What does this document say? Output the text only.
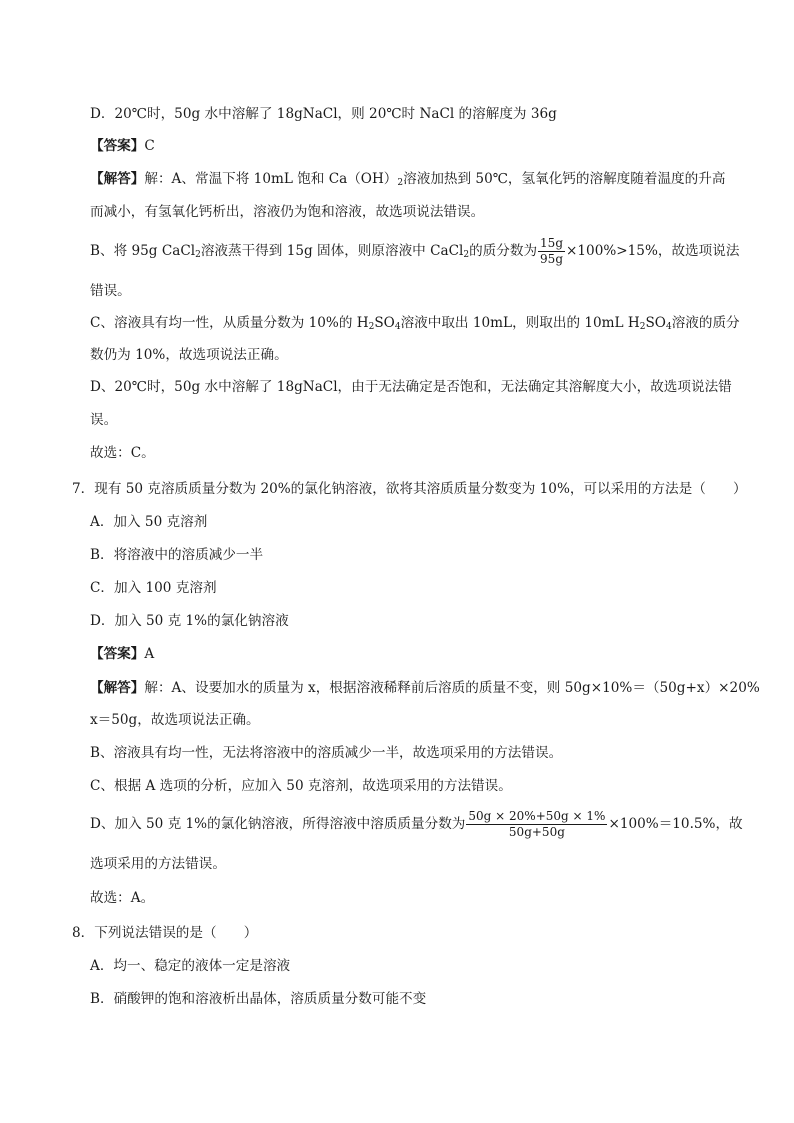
D．20℃时，50g 水中溶解了 18gNaCl，则 20℃时 NaCl 的溶解度为 36g
【答案】C
【解答】解：A、常温下将 10mL 饱和 $Ca(OH)_2$溶液加热到 50℃，氢氧化钙的溶解度随着温度的升高
而减小，有氢氧化钙析出，溶液仍为饱和溶液，故选项说法错误。
B、将 95g CaCl$_2$溶液蒸干得到 15g 固体，则原溶液中 CaCl$_2$的质分数为 $\frac{15g}{95g} \times 100\%>15\%$，故选项说法
错误。
C、溶液具有均一性，从质量分数为 10%的 $H_2SO_4$溶液中取出 10mL，则取出的 10mL $H_2SO_4$溶液的质分
数仍为 10%，故选项说法正确。
D、20℃时，50g 水中溶解了 18gNaCl，由于无法确定是否饱和，无法确定其溶解度大小，故选项说法错
误。
故选：C。
7．现有 50 克溶质质量分数为 20%的氯化钠溶液，欲将其溶质质量分数变为 10%，可以采用的方法是（　　）
A．加入 50 克溶剂
B．将溶液中的溶质减少一半
C．加入 100 克溶剂
D．加入 50 克 1%的氯化钠溶液
【答案】A
【解答】解：A、设要加水的质量为 x，根据溶液稀释前后溶质的质量不变，则 50g×10%＝（50g+x）×20%
x＝50g，故选项说法正确。
B、溶液具有均一性，无法将溶液中的溶质减少一半，故选项采用的方法错误。
C、根据 A 选项的分析，应加入 50 克溶剂，故选项采用的方法错误。
D、加入 50 克 1%的氯化钠溶液，所得溶液中溶质质量分数为 $\frac{50g \times 20\%+50g \times 1\%}{50g+50g} \times 100\%=10.5\%$，故
选项采用的方法错误。
故选：A。
8．下列说法错误的是（　　）
A．均一、稳定的液体一定是溶液
B．硝酸钾的饱和溶液析出晶体，溶质质量分数可能不变
